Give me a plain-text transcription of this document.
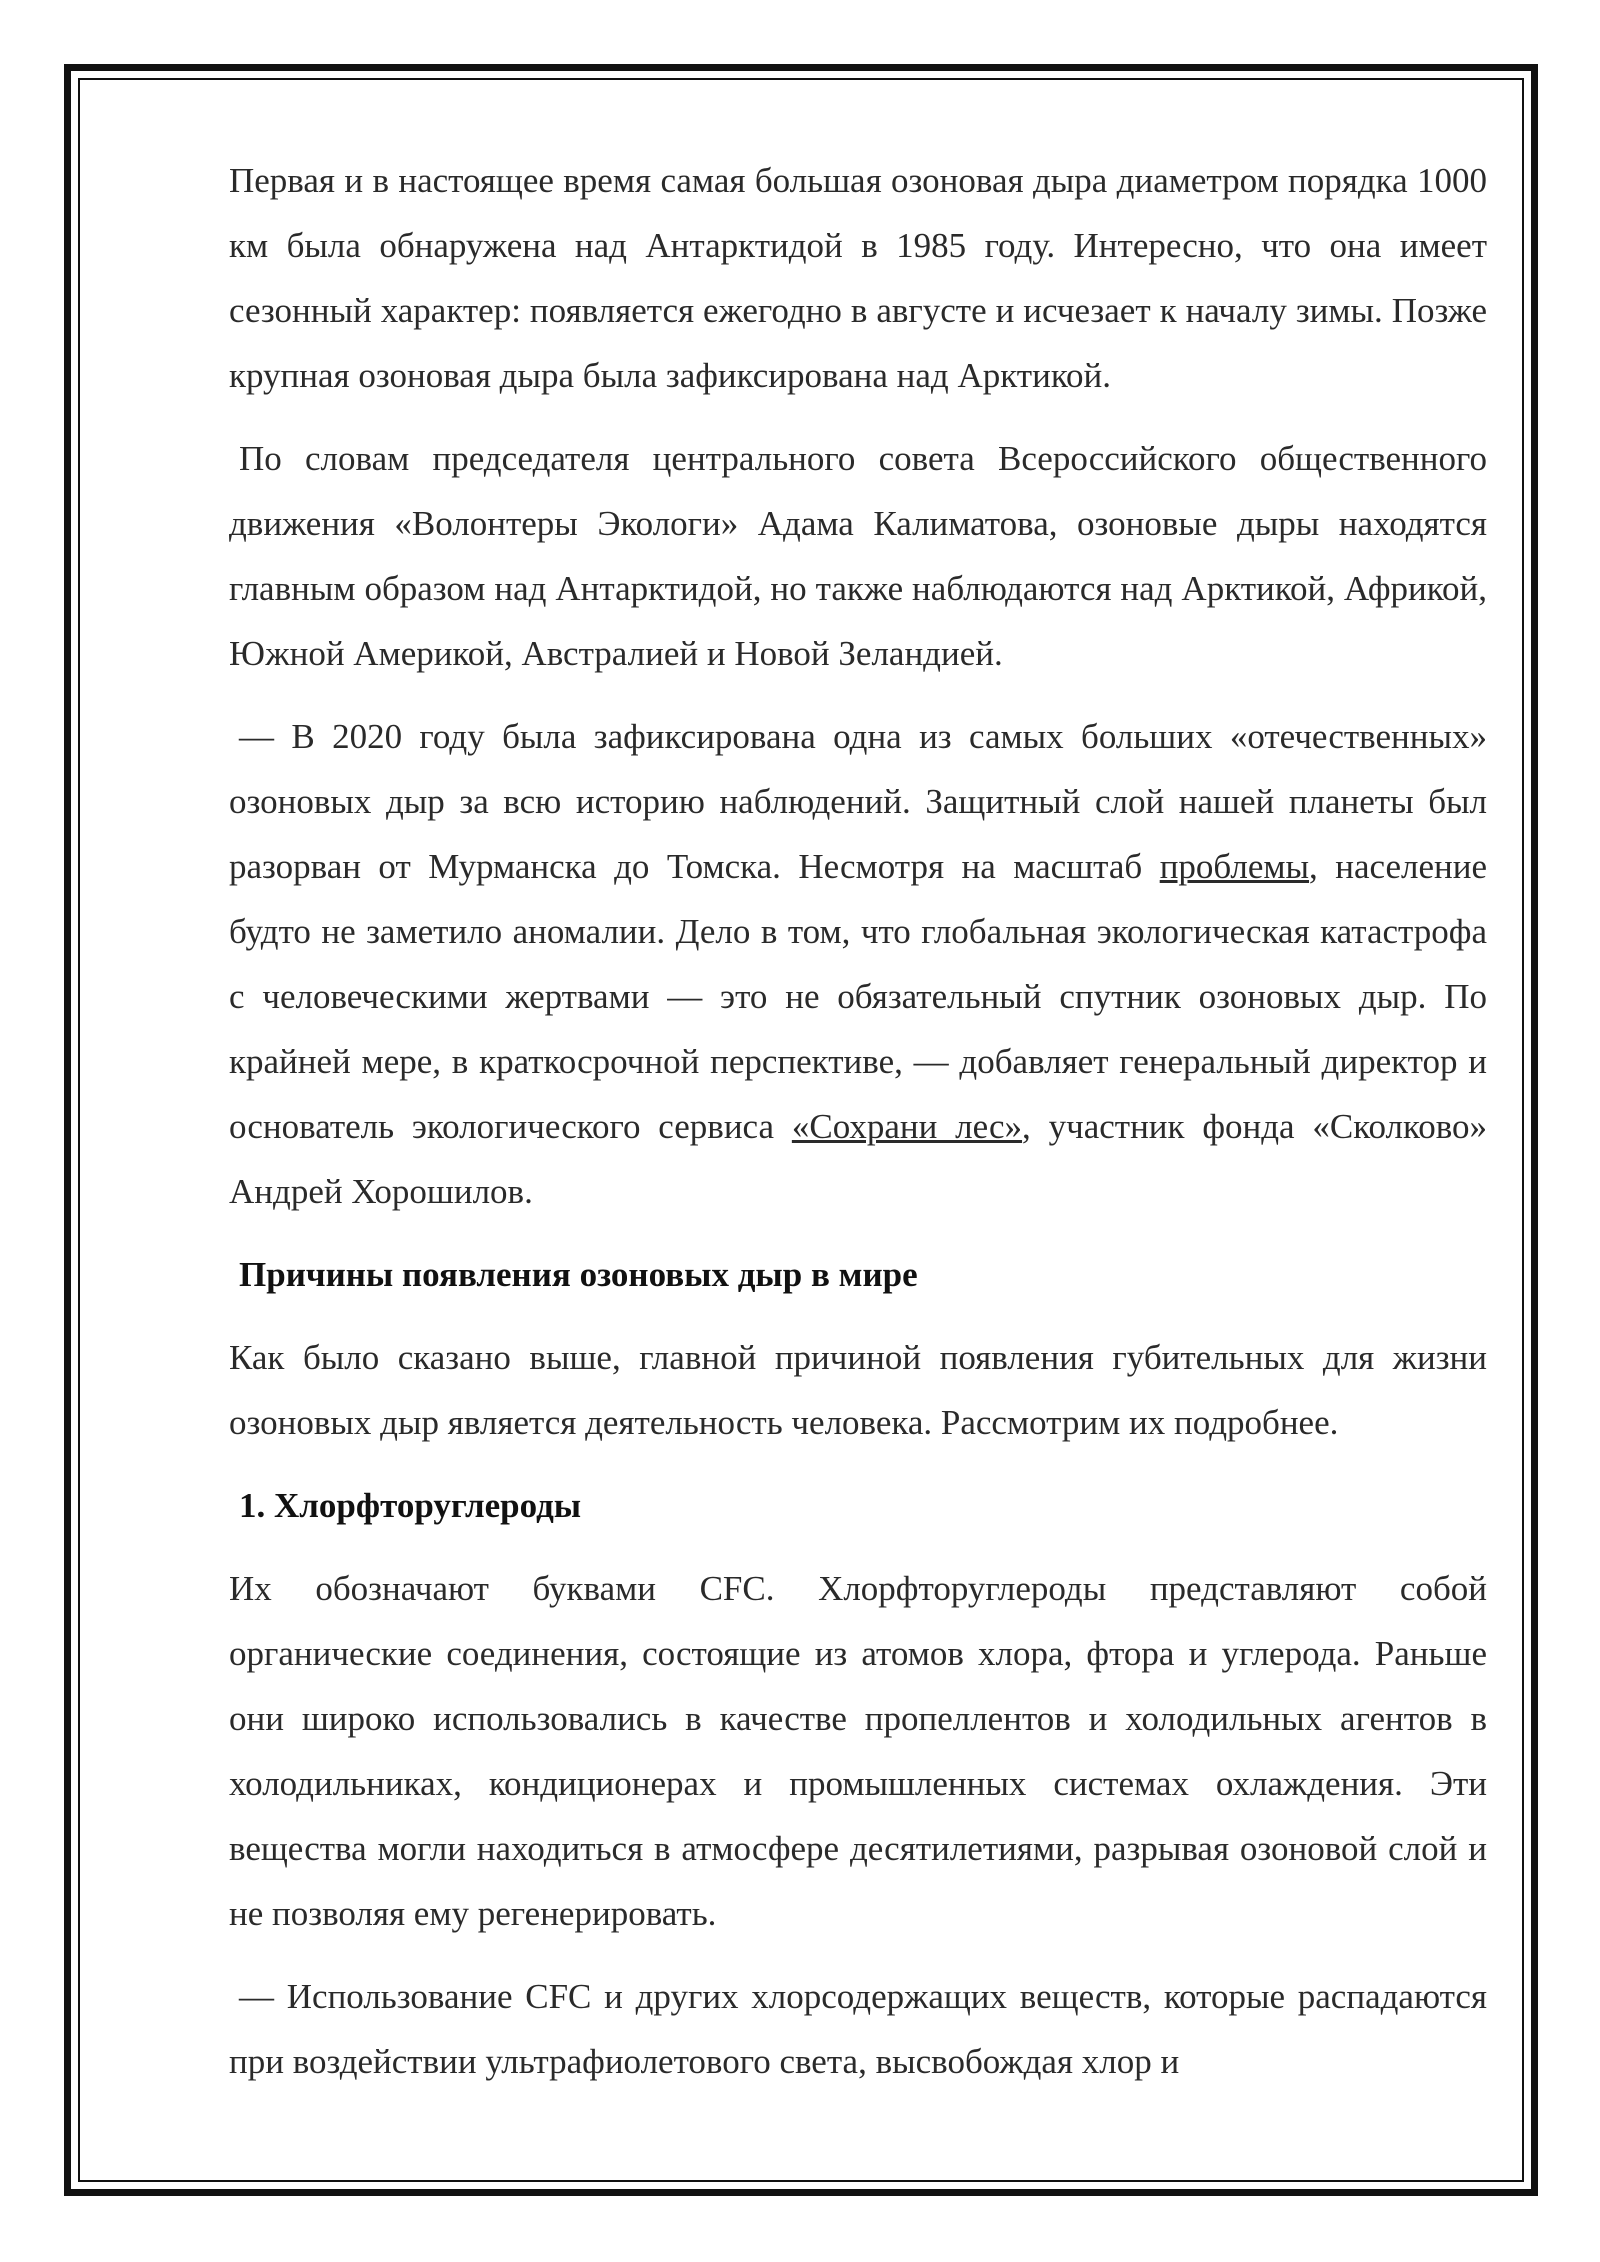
Первая и в настоящее время самая большая озоновая дыра диаметром порядка 1000 км была обнаружена над Антарктидой в 1985 году. Интересно, что она имеет сезонный характер: появляется ежегодно в августе и исчезает к началу зимы. Позже крупная озоновая дыра была зафиксирована над Арктикой.

По словам председателя центрального совета Всероссийского общественного движения «Волонтеры Экологи» Адама Калиматова, озоновые дыры находятся главным образом над Антарктидой, но также наблюдаются над Арктикой, Африкой, Южной Америкой, Австралией и Новой Зеландией.

— В 2020 году была зафиксирована одна из самых больших «отечественных» озоновых дыр за всю историю наблюдений. Защитный слой нашей планеты был разорван от Мурманска до Томска. Несмотря на масштаб проблемы, население будто не заметило аномалии. Дело в том, что глобальная экологическая катастрофа с человеческими жертвами — это не обязательный спутник озоновых дыр. По крайней мере, в краткосрочной перспективе, — добавляет генеральный директор и основатель экологического сервиса «Сохрани лес», участник фонда «Сколково» Андрей Хорошилов.

Причины появления озоновых дыр в мире

Как было сказано выше, главной причиной появления губительных для жизни озоновых дыр является деятельность человека. Рассмотрим их подробнее.

1. Хлорфторуглероды

Их обозначают буквами CFC. Хлорфторуглероды представляют собой органические соединения, состоящие из атомов хлора, фтора и углерода. Раньше они широко использовались в качестве пропеллентов и холодильных агентов в холодильниках, кондиционерах и промышленных системах охлаждения. Эти вещества могли находиться в атмосфере десятилетиями, разрывая озоновой слой и не позволяя ему регенерировать.

— Использование CFC и других хлорсодержащих веществ, которые распадаются при воздействии ультрафиолетового света, высвобождая хлор и
